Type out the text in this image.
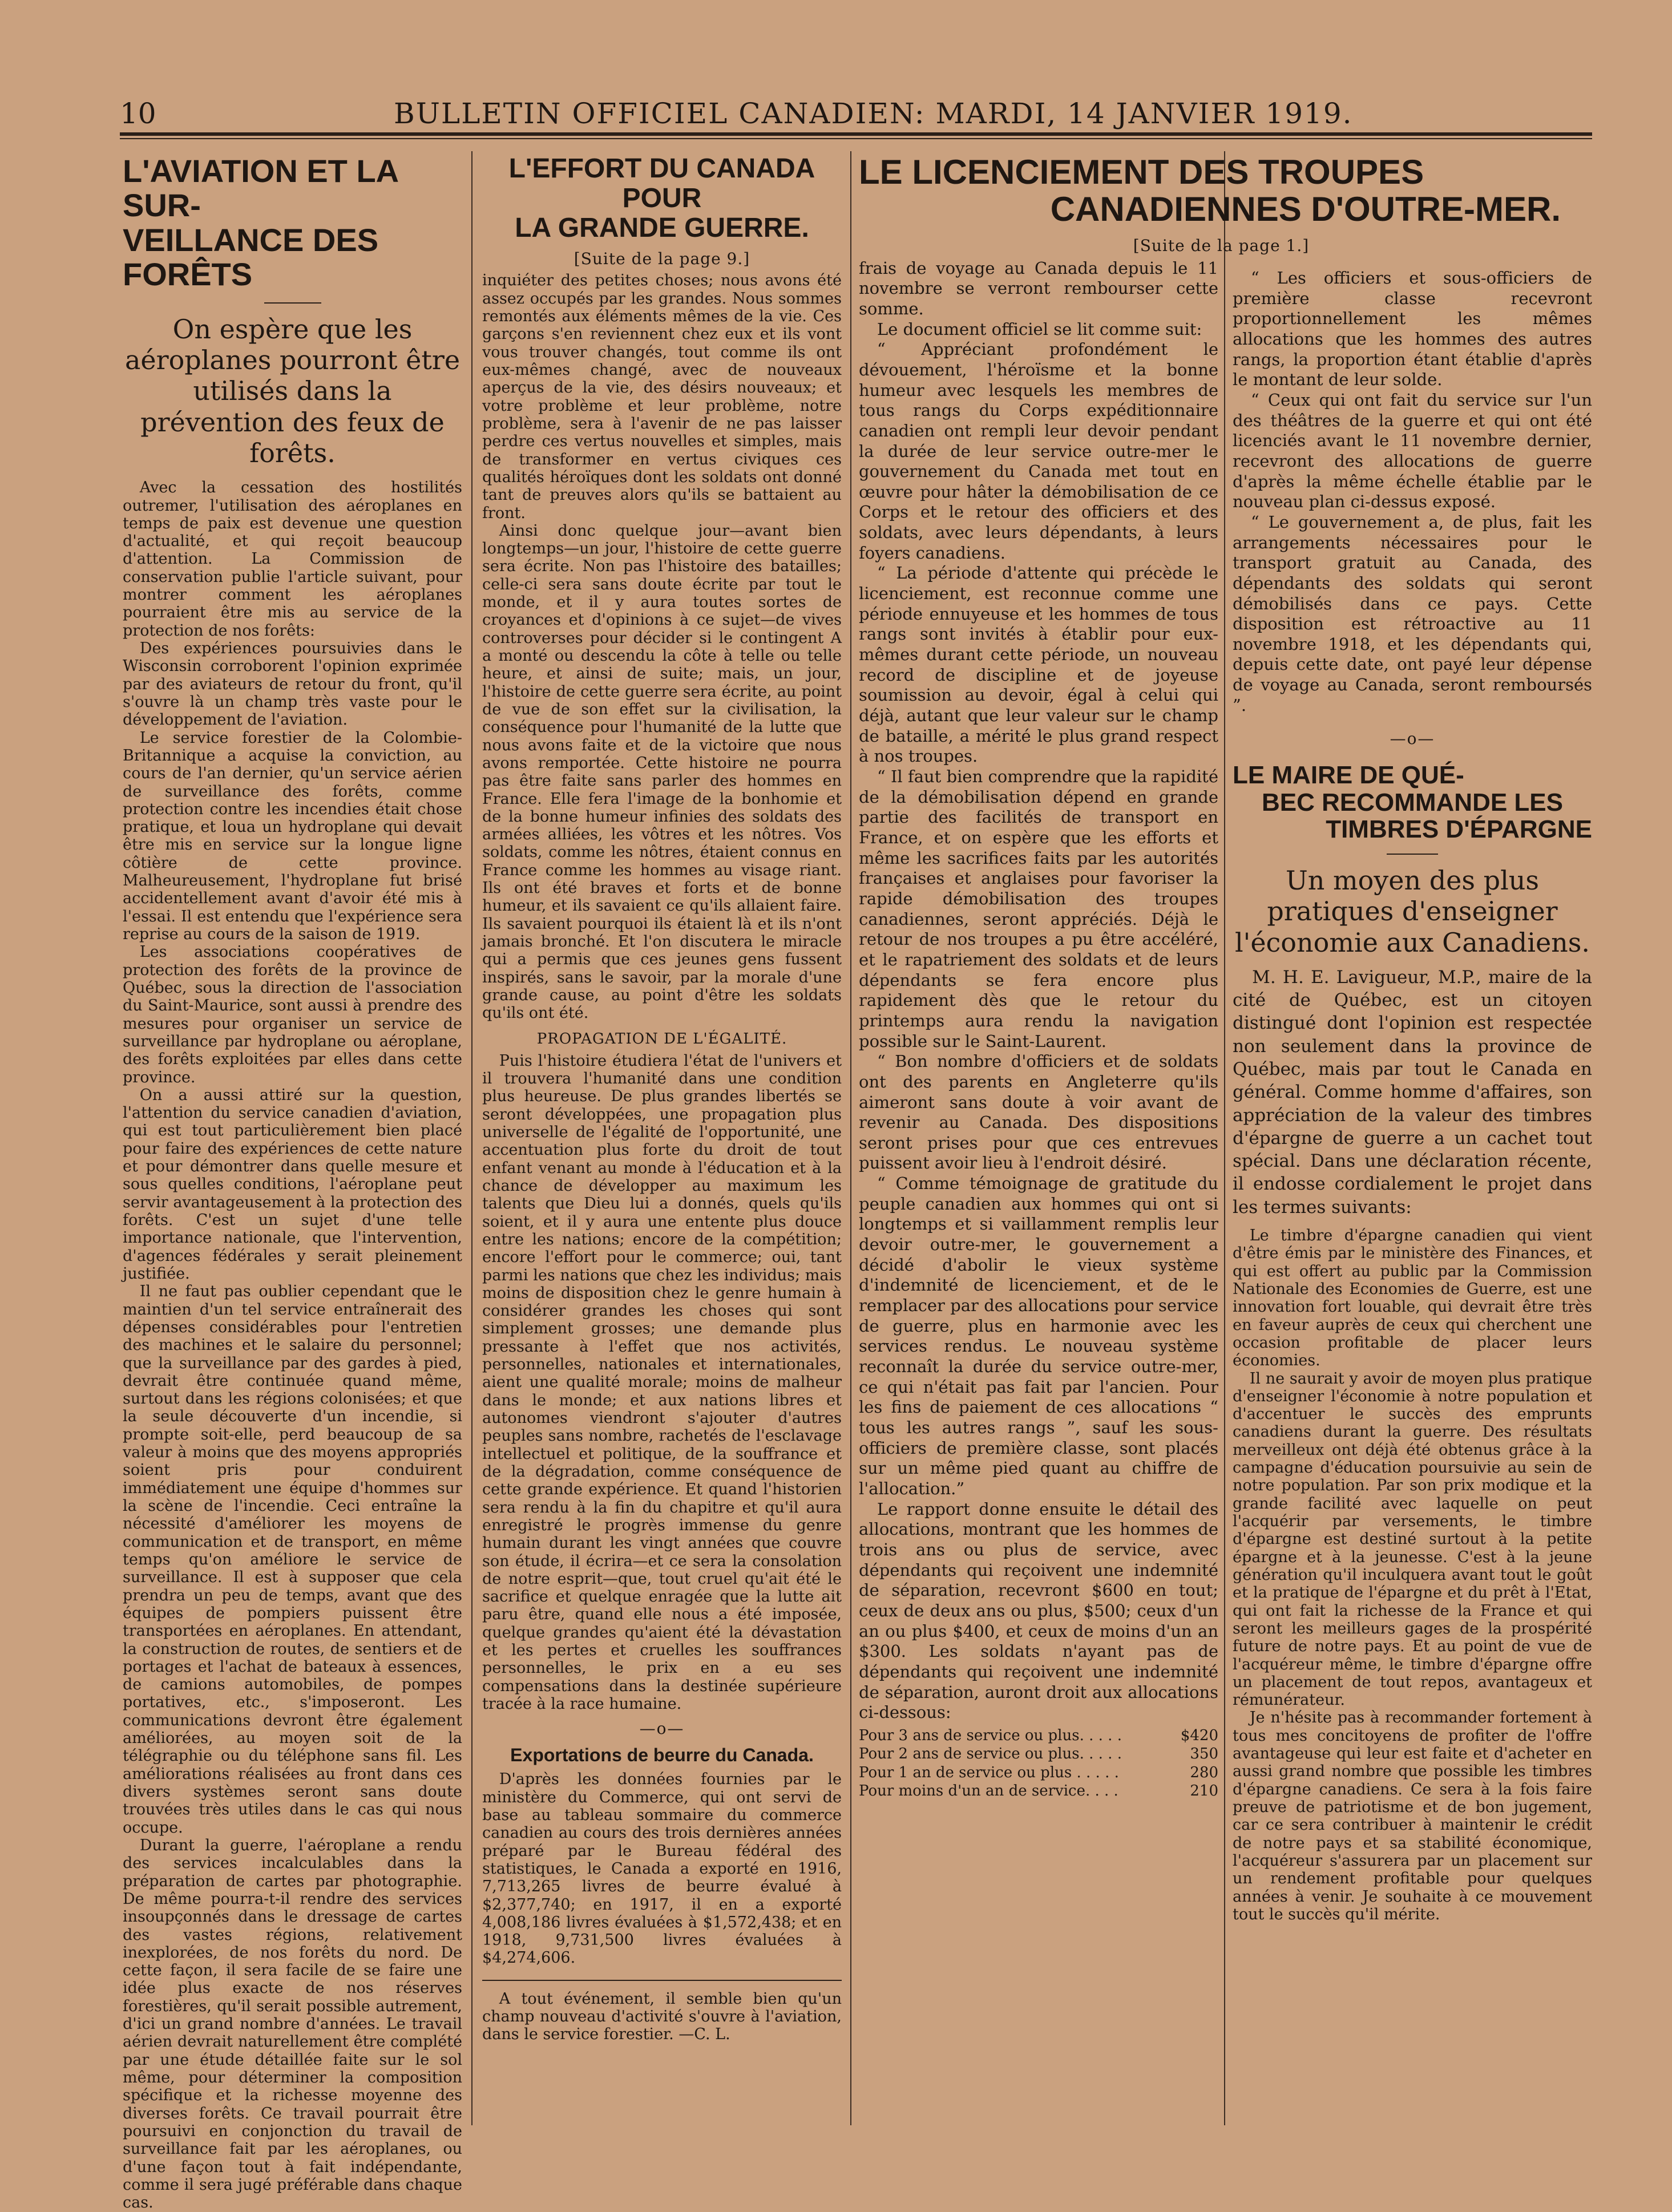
10	BULLETIN OFFICIEL CANADIEN: MARDI, 14 JANVIER 1919.
L'AVIATION ET LA SUR-
VEILLANCE DES FORÊTS

On espère que les aéroplanes pourront être utilisés dans la prévention des feux de forêts.

Avec la cessation des hostilités outremer, l'utilisation des aéroplanes en temps de paix est devenue une question d'actualité, et qui reçoit beaucoup d'attention. La Commission de conservation publie l'article suivant, pour montrer comment les aéroplanes pourraient être mis au service de la protection de nos forêts:

Des expériences poursuivies dans le Wisconsin corroborent l'opinion exprimée par des aviateurs de retour du front, qu'il s'ouvre là un champ très vaste pour le développement de l'aviation.

Le service forestier de la Colombie-Britannique a acquise la conviction, au cours de l'an dernier, qu'un service aérien de surveillance des forêts, comme protection contre les incendies était chose pratique, et loua un hydroplane qui devait être mis en service sur la longue ligne côtière de cette province. Malheureusement, l'hydroplane fut brisé accidentellement avant d'avoir été mis à l'essai. Il est entendu que l'expérience sera reprise au cours de la saison de 1919.

Les associations coopératives de protection des forêts de la province de Québec, sous la direction de l'association du Saint-Maurice, sont aussi à prendre des mesures pour organiser un service de surveillance par hydroplane ou aéroplane, des forêts exploitées par elles dans cette province.

On a aussi attiré sur la question, l'attention du service canadien d'aviation, qui est tout particulièrement bien placé pour faire des expériences de cette nature et pour démontrer dans quelle mesure et sous quelles conditions, l'aéroplane peut servir avantageusement à la protection des forêts. C'est un sujet d'une telle importance nationale, que l'intervention, d'agences fédérales y serait pleinement justifiée.

Il ne faut pas oublier cependant que le maintien d'un tel service entraînerait des dépenses considérables pour l'entretien des machines et le salaire du personnel; que la surveillance par des gardes à pied, devrait être continuée quand même, surtout dans les régions colonisées; et que la seule découverte d'un incendie, si prompte soit-elle, perd beaucoup de sa valeur à moins que des moyens appropriés soient pris pour conduirent immédiatement une équipe d'hommes sur la scène de l'incendie. Ceci entraîne la nécessité d'améliorer les moyens de communication et de transport, en même temps qu'on améliore le service de surveillance. Il est à supposer que cela prendra un peu de temps, avant que des équipes de pompiers puissent être transportées en aéroplanes. En attendant, la construction de routes, de sentiers et de portages et l'achat de bateaux à essences, de camions automobiles, de pompes portatives, etc., s'imposeront. Les communications devront être également améliorées, au moyen soit de la télégraphie ou du téléphone sans fil. Les améliorations réalisées au front dans ces divers systèmes seront sans doute trouvées très utiles dans le cas qui nous occupe.

Durant la guerre, l'aéroplane a rendu des services incalculables dans la préparation de cartes par photographie. De même pourra-t-il rendre des services insoupçonnés dans le dressage de cartes des vastes régions, relativement inexplorées, de nos forêts du nord. De cette façon, il sera facile de se faire une idée plus exacte de nos réserves forestières, qu'il serait possible autrement, d'ici un grand nombre d'années. Le travail aérien devrait naturellement être complété par une étude détaillée faite sur le sol même, pour déterminer la composition spécifique et la richesse moyenne des diverses forêts. Ce travail pourrait être poursuivi en conjonction du travail de surveillance fait par les aéroplanes, ou d'une façon tout à fait indépendante, comme il sera jugé préférable dans chaque cas.

L'EFFORT DU CANADA POUR
LA GRANDE GUERRE.

[Suite de la page 9.]

inquiéter des petites choses; nous avons été assez occupés par les grandes. Nous sommes remontés aux éléments mêmes de la vie. Ces garçons s'en reviennent chez eux et ils vont vous trouver changés, tout comme ils ont eux-mêmes changé, avec de nouveaux aperçus de la vie, des désirs nouveaux; et votre problème et leur problème, notre problème, sera à l'avenir de ne pas laisser perdre ces vertus nouvelles et simples, mais de transformer en vertus civiques ces qualités héroïques dont les soldats ont donné tant de preuves alors qu'ils se battaient au front.

Ainsi donc quelque jour—avant bien longtemps—un jour, l'histoire de cette guerre sera écrite. Non pas l'histoire des batailles; celle-ci sera sans doute écrite par tout le monde, et il y aura toutes sortes de croyances et d'opinions à ce sujet—de vives controverses pour décider si le contingent A a monté ou descendu la côte à telle ou telle heure, et ainsi de suite; mais, un jour, l'histoire de cette guerre sera écrite, au point de vue de son effet sur la civilisation, la conséquence pour l'humanité de la lutte que nous avons faite et de la victoire que nous avons remportée. Cette histoire ne pourra pas être faite sans parler des hommes en France. Elle fera l'image de la bonhomie et de la bonne humeur infinies des soldats des armées alliées, les vôtres et les nôtres. Vos soldats, comme les nôtres, étaient connus en France comme les hommes au visage riant. Ils ont été braves et forts et de bonne humeur, et ils savaient ce qu'ils allaient faire. Ils savaient pourquoi ils étaient là et ils n'ont jamais bronché. Et l'on discutera le miracle qui a permis que ces jeunes gens fussent inspirés, sans le savoir, par la morale d'une grande cause, au point d'être les soldats qu'ils ont été.

PROPAGATION DE L'ÉGALITÉ.

Puis l'histoire étudiera l'état de l'univers et il trouvera l'humanité dans une condition plus heureuse. De plus grandes libertés se seront développées, une propagation plus universelle de l'égalité de l'opportunité, une accentuation plus forte du droit de tout enfant venant au monde à l'éducation et à la chance de développer au maximum les talents que Dieu lui a donnés, quels qu'ils soient, et il y aura une entente plus douce entre les nations; encore de la compétition; encore l'effort pour le commerce; oui, tant parmi les nations que chez les individus; mais moins de disposition chez le genre humain à considérer grandes les choses qui sont simplement grosses; une demande plus pressante à l'effet que nos activités, personnelles, nationales et internationales, aient une qualité morale; moins de malheur dans le monde; et aux nations libres et autonomes viendront s'ajouter d'autres peuples sans nombre, rachetés de l'esclavage intellectuel et politique, de la souffrance et de la dégradation, comme conséquence de cette grande expérience. Et quand l'historien sera rendu à la fin du chapitre et qu'il aura enregistré le progrès immense du genre humain durant les vingt années que couvre son étude, il écrira—et ce sera la consolation de notre esprit—que, tout cruel qu'ait été le sacrifice et quelque enragée que la lutte ait paru être, quand elle nous a été imposée, quelque grandes qu'aient été la dévastation et les pertes et cruelles les souffrances personnelles, le prix en a eu ses compensations dans la destinée supérieure tracée à la race humaine.

—o—

Exportations de beurre du Canada.

D'après les données fournies par le ministère du Commerce, qui ont servi de base au tableau sommaire du commerce canadien au cours des trois dernières années préparé par le Bureau fédéral des statistiques, le Canada a exporté en 1916, 7,713,265 livres de beurre évalué à $2,377,740; en 1917, il en a exporté 4,008,186 livres évaluées à $1,572,438; et en 1918, 9,731,500 livres évaluées à $4,274,606.

A tout événement, il semble bien qu'un champ nouveau d'activité s'ouvre à l'aviation, dans le service forestier. —C. L.

LE LICENCIEMENT DES TROUPES
CANADIENNES D'OUTRE-MER.

[Suite de la page 1.]

frais de voyage au Canada depuis le 11 novembre se verront rembourser cette somme.

Le document officiel se lit comme suit:

“ Appréciant profondément le dévouement, l'héroïsme et la bonne humeur avec lesquels les membres de tous rangs du Corps expéditionnaire canadien ont rempli leur devoir pendant la durée de leur service outre-mer le gouvernement du Canada met tout en œuvre pour hâter la démobilisation de ce Corps et le retour des officiers et des soldats, avec leurs dépendants, à leurs foyers canadiens.

“ La période d'attente qui précède le licenciement, est reconnue comme une période ennuyeuse et les hommes de tous rangs sont invités à établir pour eux-mêmes durant cette période, un nouveau record de discipline et de joyeuse soumission au devoir, égal à celui qui déjà, autant que leur valeur sur le champ de bataille, a mérité le plus grand respect à nos troupes.

“ Il faut bien comprendre que la rapidité de la démobilisation dépend en grande partie des facilités de transport en France, et on espère que les efforts et même les sacrifices faits par les autorités françaises et anglaises pour favoriser la rapide démobilisation des troupes canadiennes, seront appréciés. Déjà le retour de nos troupes a pu être accéléré, et le rapatriement des soldats et de leurs dépendants se fera encore plus rapidement dès que le retour du printemps aura rendu la navigation possible sur le Saint-Laurent.

“ Bon nombre d'officiers et de soldats ont des parents en Angleterre qu'ils aimeront sans doute à voir avant de revenir au Canada. Des dispositions seront prises pour que ces entrevues puissent avoir lieu à l'endroit désiré.

“ Comme témoignage de gratitude du peuple canadien aux hommes qui ont si longtemps et si vaillamment remplis leur devoir outre-mer, le gouvernement a décidé d'abolir le vieux système d'indemnité de licenciement, et de le remplacer par des allocations pour service de guerre, plus en harmonie avec les services rendus. Le nouveau système reconnaît la durée du service outre-mer, ce qui n'était pas fait par l'ancien. Pour les fins de paiement de ces allocations “ tous les autres rangs ”, sauf les sous-officiers de première classe, sont placés sur un même pied quant au chiffre de l'allocation.”

Le rapport donne ensuite le détail des allocations, montrant que les hommes de trois ans ou plus de service, avec dépendants qui reçoivent une indemnité de séparation, recevront $600 en tout; ceux de deux ans ou plus, $500; ceux d'un an ou plus $400, et ceux de moins d'un an $300. Les soldats n'ayant pas de dépendants qui reçoivent une indemnité de séparation, auront droit aux allocations ci-dessous:

Pour 3 ans de service ou plus. . . . .	$420
Pour 2 ans de service ou plus. . . . .	350
Pour 1 an de service ou plus . . . . .	280
Pour moins d'un an de service. . . .	210

“ Les officiers et sous-officiers de première classe recevront proportionnellement les mêmes allocations que les hommes des autres rangs, la proportion étant établie d'après le montant de leur solde.

“ Ceux qui ont fait du service sur l'un des théâtres de la guerre et qui ont été licenciés avant le 11 novembre dernier, recevront des allocations de guerre d'après la même échelle établie par le nouveau plan ci-dessus exposé.

“ Le gouvernement a, de plus, fait les arrangements nécessaires pour le transport gratuit au Canada, des dépendants des soldats qui seront démobilisés dans ce pays. Cette disposition est rétroactive au 11 novembre 1918, et les dépendants qui, depuis cette date, ont payé leur dépense de voyage au Canada, seront remboursés ”.

—o—
LE MAIRE DE QUÉ-
BEC RECOMMANDE LES
TIMBRES D'ÉPARGNE

Un moyen des plus pratiques d'enseigner l'économie aux Canadiens.

M. H. E. Lavigueur, M.P., maire de la cité de Québec, est un citoyen distingué dont l'opinion est respectée non seulement dans la province de Québec, mais par tout le Canada en général. Comme homme d'affaires, son appréciation de la valeur des timbres d'épargne de guerre a un cachet tout spécial. Dans une déclaration récente, il endosse cordialement le projet dans les termes suivants:

Le timbre d'épargne canadien qui vient d'être émis par le ministère des Finances, et qui est offert au public par la Commission Nationale des Economies de Guerre, est une innovation fort louable, qui devrait être très en faveur auprès de ceux qui cherchent une occasion profitable de placer leurs économies.

Il ne saurait y avoir de moyen plus pratique d'enseigner l'économie à notre population et d'accentuer le succès des emprunts canadiens durant la guerre. Des résultats merveilleux ont déjà été obtenus grâce à la campagne d'éducation poursuivie au sein de notre population. Par son prix modique et la grande facilité avec laquelle on peut l'acquérir par versements, le timbre d'épargne est destiné surtout à la petite épargne et à la jeunesse. C'est à la jeune génération qu'il inculquera avant tout le goût et la pratique de l'épargne et du prêt à l'Etat, qui ont fait la richesse de la France et qui seront les meilleurs gages de la prospérité future de notre pays. Et au point de vue de l'acquéreur même, le timbre d'épargne offre un placement de tout repos, avantageux et rémunérateur.

Je n'hésite pas à recommander fortement à tous mes concitoyens de profiter de l'offre avantageuse qui leur est faite et d'acheter en aussi grand nombre que possible les timbres d'épargne canadiens. Ce sera à la fois faire preuve de patriotisme et de bon jugement, car ce sera contribuer à maintenir le crédit de notre pays et sa stabilité économique, l'acquéreur s'assurera par un placement sur un rendement profitable pour quelques années à venir. Je souhaite à ce mouvement tout le succès qu'il mérite.
